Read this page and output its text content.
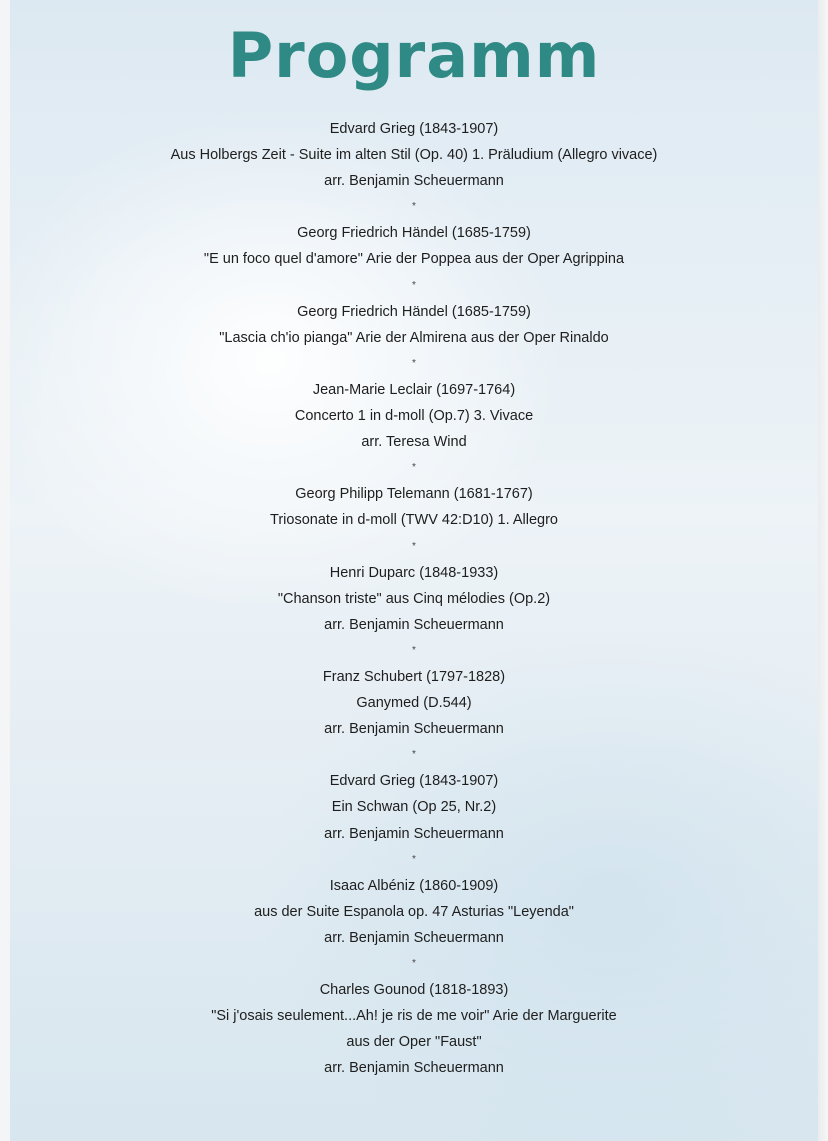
Programm
Edvard Grieg (1843-1907)
Aus Holbergs Zeit - Suite im alten Stil (Op. 40) 1. Präludium (Allegro vivace)
arr. Benjamin Scheuermann
*
Georg Friedrich Händel (1685-1759)
"E un foco quel d'amore" Arie der Poppea aus der Oper Agrippina
*
Georg Friedrich Händel (1685-1759)
"Lascia ch'io pianga" Arie der Almirena aus der Oper Rinaldo
*
Jean-Marie Leclair (1697-1764)
Concerto 1 in d-moll (Op.7) 3. Vivace
arr. Teresa Wind
*
Georg Philipp Telemann (1681-1767)
Triosonate in d-moll (TWV 42:D10) 1. Allegro
*
Henri Duparc (1848-1933)
"Chanson triste" aus Cinq mélodies (Op.2)
arr. Benjamin Scheuermann
*
Franz Schubert (1797-1828)
Ganymed (D.544)
arr. Benjamin Scheuermann
*
Edvard Grieg (1843-1907)
Ein Schwan (Op 25, Nr.2)
arr. Benjamin Scheuermann
*
Isaac Albéniz (1860-1909)
aus der Suite Espanola op. 47 Asturias "Leyenda"
arr. Benjamin Scheuermann
*
Charles Gounod (1818-1893)
"Si j'osais seulement...Ah! je ris de me voir" Arie der Marguerite
aus der Oper "Faust"
arr. Benjamin Scheuermann
